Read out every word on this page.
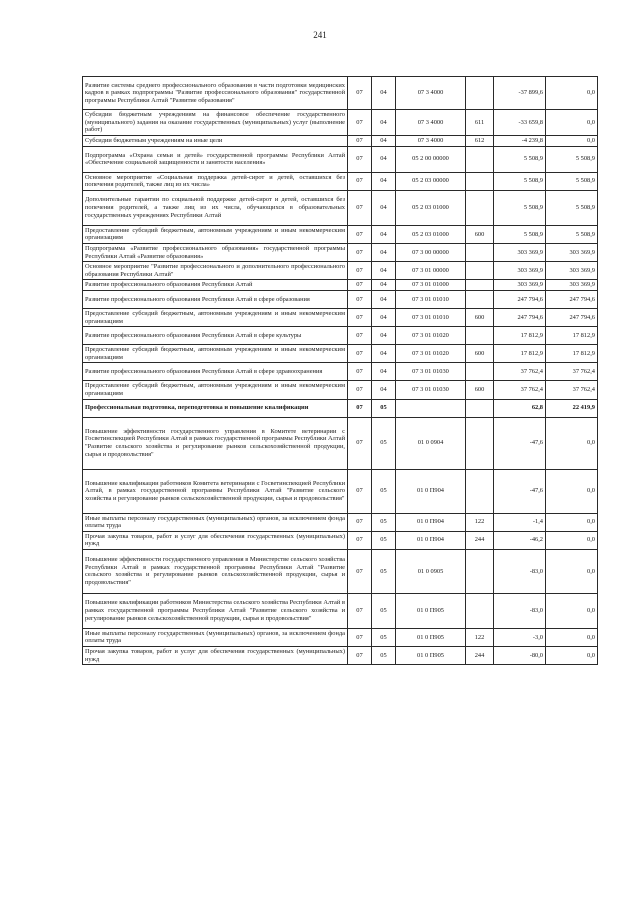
241
Развитие системы среднего профессионального образования в части подготовки медицинских кадров в рамках подпрограммы "Развитие профессионального образования" государственной программы Республики Алтай "Развитие образования"	07	04	07 3 4000		-37 899,6	0,0
Субсидии бюджетным учреждениям на финансовое обеспечение государственного (муниципального) задания на оказание государственных (муниципальных) услуг (выполнение работ)	07	04	07 3 4000	611	-33 659,8	0,0
Субсидии бюджетным учреждениям на иные цели	07	04	07 3 4000	612	-4 239,8	0,0
Подпрограмма «Охрана семьи и детей» государственной программы Республики Алтай «Обеспечение социальной защищенности и занятости населения»	07	04	05 2 00 00000		5 508,9	5 508,9
Основное мероприятие «Социальная поддержка детей-сирот и детей, оставшихся без попечения родителей, также лиц из их числа»	07	04	05 2 03 00000		5 508,9	5 508,9
Дополнительные гарантии по социальной поддержке детей-сирот и детей, оставшихся без попечения родителей, а также лиц из их числа, обучающихся в образовательных государственных учреждениях Республики Алтай	07	04	05 2 03 01000		5 508,9	5 508,9
Предоставление субсидий бюджетным, автономным учреждениям и иным некоммерческим организациям	07	04	05 2 03 01000	600	5 508,9	5 508,9
Подпрограмма «Развитие профессионального образования» государственной программы Республики Алтай «Развитие образования»	07	04	07 3 00 00000		303 369,9	303 369,9
Основное мероприятие "Развитие профессионального и дополнительного профессионального образования Республики Алтай"	07	04	07 3 01 00000		303 369,9	303 369,9
Развитие профессионального образования Республики Алтай	07	04	07 3 01 01000		303 369,9	303 369,9
Развитие профессионального образования Республики Алтай в сфере образования	07	04	07 3 01 01010		247 794,6	247 794,6
Предоставление субсидий бюджетным, автономным учреждениям и иным некоммерческим организациям	07	04	07 3 01 01010	600	247 794,6	247 794,6
Развитие профессионального образования Республики Алтай в сфере культуры	07	04	07 3 01 01020		17 812,9	17 812,9
Предоставление субсидий бюджетным, автономным учреждениям и иным некоммерческим организациям	07	04	07 3 01 01020	600	17 812,9	17 812,9
Развитие профессионального образования Республики Алтай в сфере здравоохранения	07	04	07 3 01 01030		37 762,4	37 762,4
Предоставление субсидий бюджетным, автономным учреждениям и иным некоммерческим организациям	07	04	07 3 01 01030	600	37 762,4	37 762,4
Профессиональная подготовка, переподготовка и повышение квалификации	07	05			62,8	22 419,9
Повышение эффективности государственного управления в Комитете ветеринарии с Госветинспекцией Республики Алтай в рамках государственной программы Республики Алтай "Развитие сельского хозяйства и регулирование рынков сельскохозяйственной продукции, сырья и продовольствия"	07	05	01 0 0904		-47,6	0,0
Повышение квалификации работников Комитета ветеринарии с Госветинспекцией Республики Алтай, в рамках государственной программы Республики Алтай "Развитие сельского хозяйства и регулирование рынков сельскохозяйственной продукции, сырья и продовольствия"	07	05	01 0 П904		-47,6	0,0
Иные выплаты персоналу государственных (муниципальных) органов, за исключением фонда оплаты труда	07	05	01 0 П904	122	-1,4	0,0
Прочая закупка товаров, работ и услуг для обеспечения государственных (муниципальных) нужд	07	05	01 0 П904	244	-46,2	0,0
Повышение эффективности государственного управления в Министерстве сельского хозяйства Республики Алтай в рамках государственной программы Республики Алтай "Развитие сельского хозяйства и регулирование рынков сельскохозяйственной продукции, сырья и продовольствия"	07	05	01 0 0905		-83,0	0,0
Повышение квалификации работников Министерства сельского хозяйства Республики Алтай в рамках государственной программы Республики Алтай "Развитие сельского хозяйства и регулирование рынков сельскохозяйственной продукции, сырья и продовольствия"	07	05	01 0 П905		-83,0	0,0
Иные выплаты персоналу государственных (муниципальных) органов, за исключением фонда оплаты труда	07	05	01 0 П905	122	-3,0	0,0
Прочая закупка товаров, работ и услуг для обеспечения государственных (муниципальных) нужд	07	05	01 0 П905	244	-80,0	0,0
